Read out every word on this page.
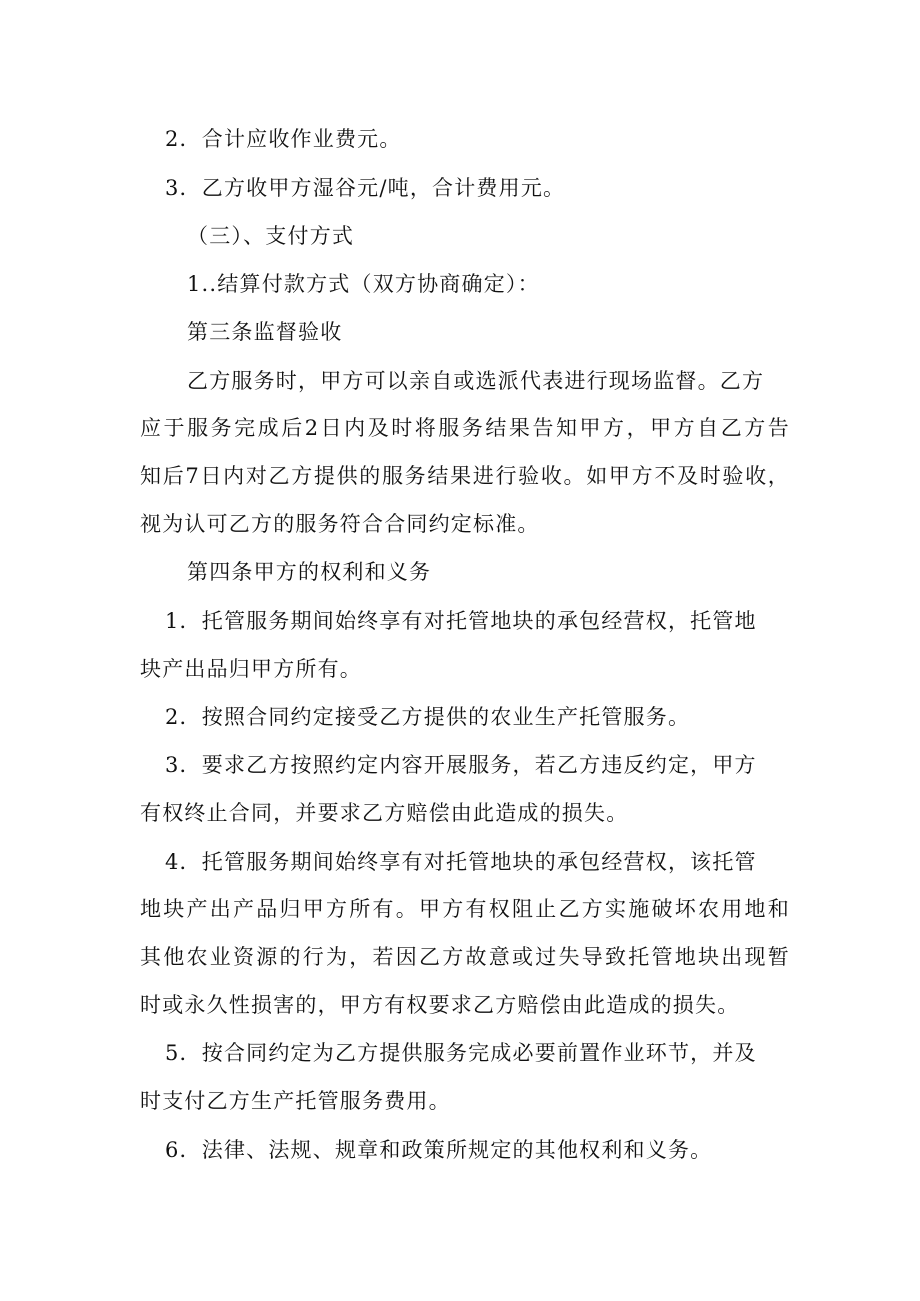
2．合计应收作业费元。
3．乙方收甲方湿谷元/吨，合计费用元。
（三）、支付方式
1..结算付款方式（双方协商确定）：
第三条监督验收
乙方服务时，甲方可以亲自或选派代表进行现场监督。乙方
应于服务完成后2日内及时将服务结果告知甲方，甲方自乙方告
知后7日内对乙方提供的服务结果进行验收。如甲方不及时验收，
视为认可乙方的服务符合合同约定标准。
第四条甲方的权利和义务
1．托管服务期间始终享有对托管地块的承包经营权，托管地
块产出品归甲方所有。
2．按照合同约定接受乙方提供的农业生产托管服务。
3．要求乙方按照约定内容开展服务，若乙方违反约定，甲方
有权终止合同，并要求乙方赔偿由此造成的损失。
4．托管服务期间始终享有对托管地块的承包经营权，该托管
地块产出产品归甲方所有。甲方有权阻止乙方实施破坏农用地和
其他农业资源的行为，若因乙方故意或过失导致托管地块出现暂
时或永久性损害的，甲方有权要求乙方赔偿由此造成的损失。
5．按合同约定为乙方提供服务完成必要前置作业环节，并及
时支付乙方生产托管服务费用。
6．法律、法规、规章和政策所规定的其他权利和义务。
